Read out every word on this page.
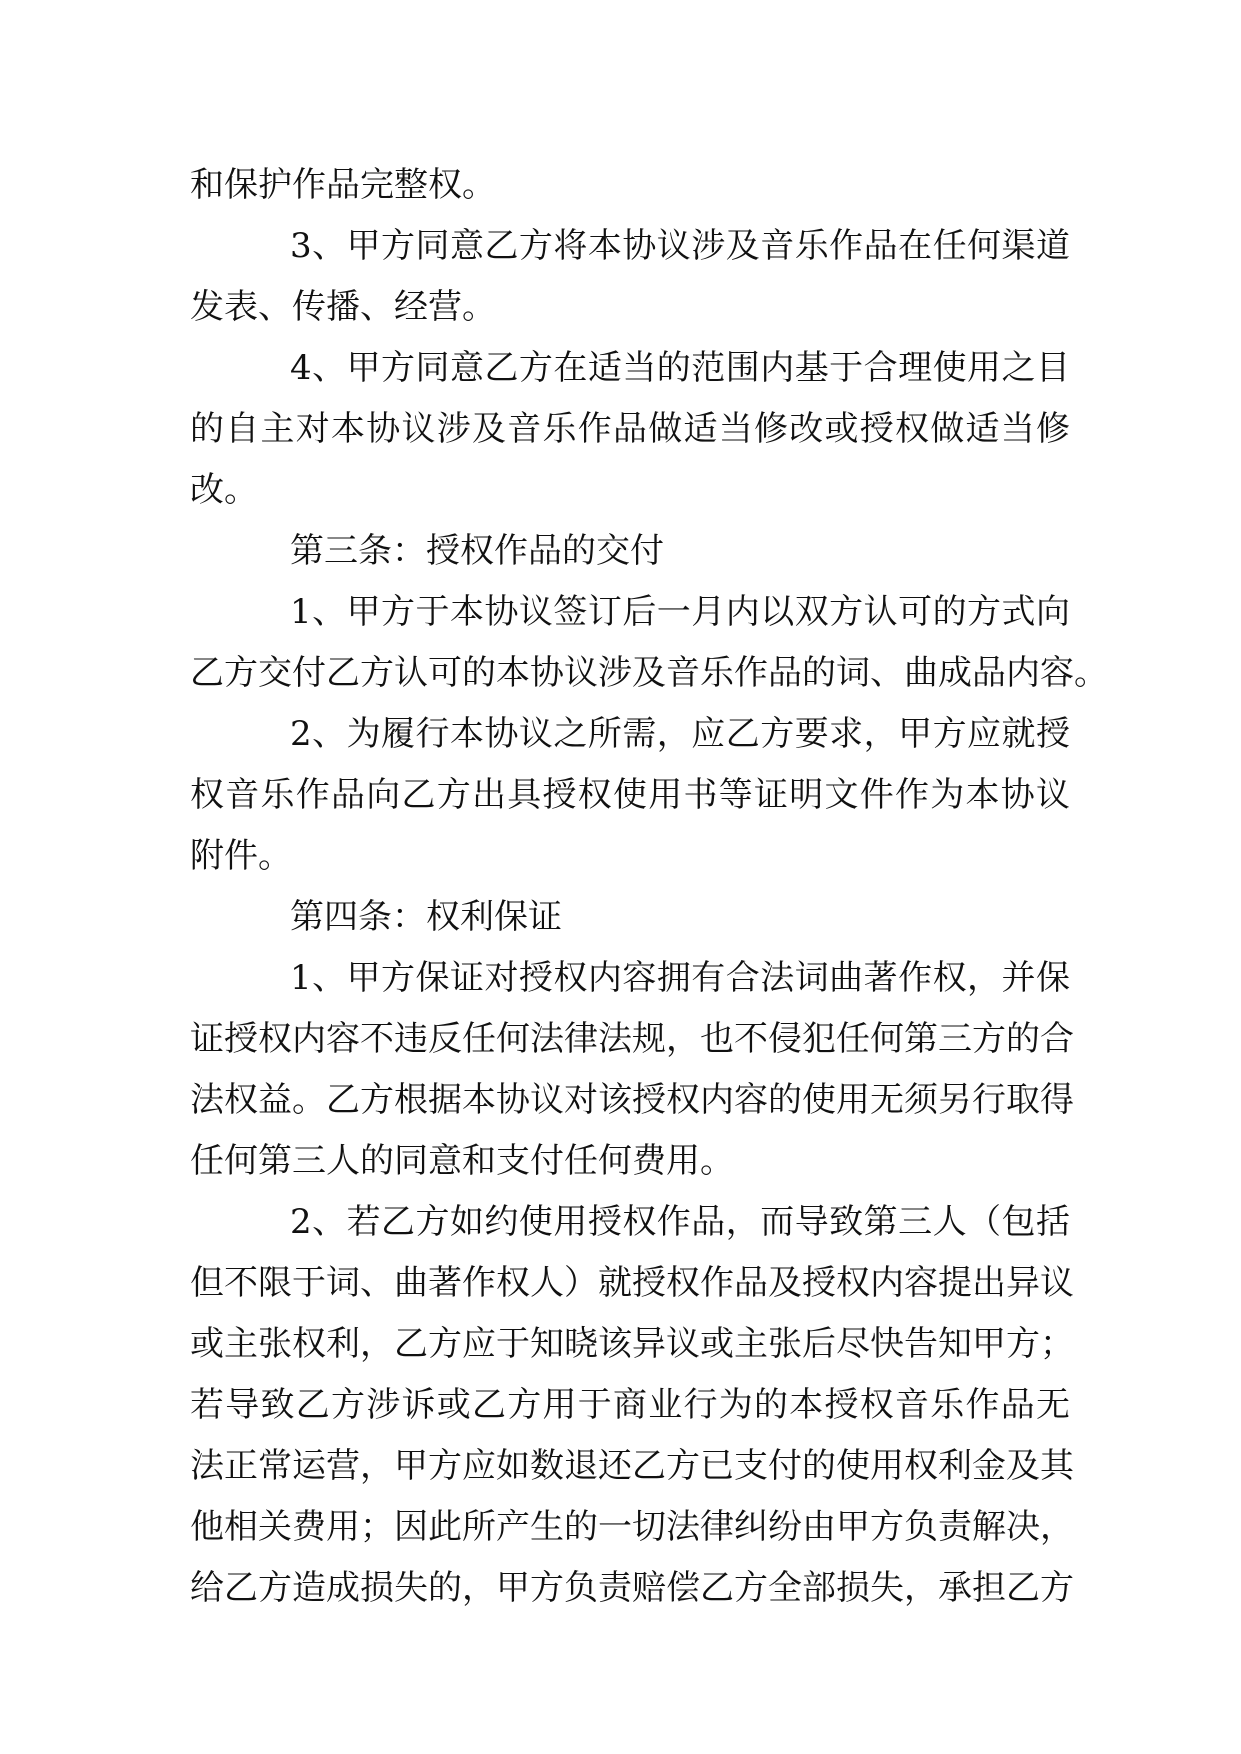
和保护作品完整权。
3、甲方同意乙方将本协议涉及音乐作品在任何渠道
发表、传播、经营。
4、甲方同意乙方在适当的范围内基于合理使用之目
的自主对本协议涉及音乐作品做适当修改或授权做适当修
改。
第三条：授权作品的交付
1、甲方于本协议签订后一月内以双方认可的方式向
乙方交付乙方认可的本协议涉及音乐作品的词、曲成品内容。
2、为履行本协议之所需，应乙方要求，甲方应就授
权音乐作品向乙方出具授权使用书等证明文件作为本协议
附件。
第四条：权利保证
1、甲方保证对授权内容拥有合法词曲著作权，并保
证授权内容不违反任何法律法规，也不侵犯任何第三方的合
法权益。乙方根据本协议对该授权内容的使用无须另行取得
任何第三人的同意和支付任何费用。
2、若乙方如约使用授权作品，而导致第三人（包括
但不限于词、曲著作权人）就授权作品及授权内容提出异议
或主张权利，乙方应于知晓该异议或主张后尽快告知甲方；
若导致乙方涉诉或乙方用于商业行为的本授权音乐作品无
法正常运营，甲方应如数退还乙方已支付的使用权利金及其
他相关费用；因此所产生的一切法律纠纷由甲方负责解决，
给乙方造成损失的，甲方负责赔偿乙方全部损失，承担乙方
